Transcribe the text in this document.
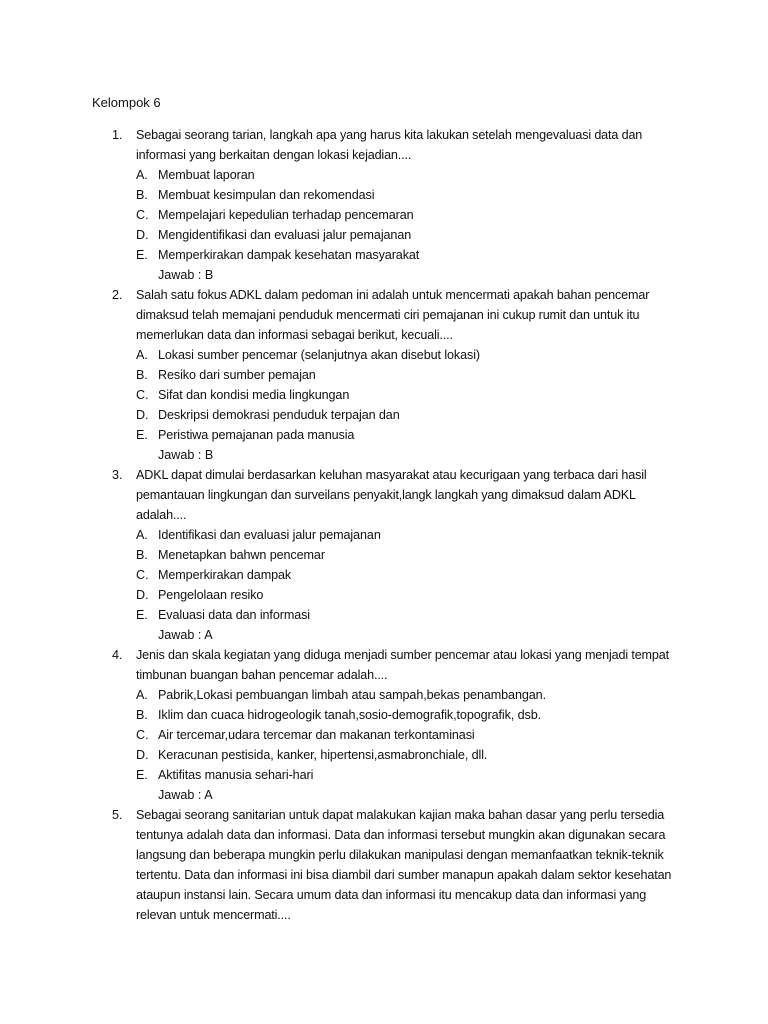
Kelompok 6
1.	Sebagai seorang tarian, langkah apa yang harus kita lakukan setelah mengevaluasi data dan informasi yang berkaitan dengan lokasi kejadian....
A. Membuat laporan
B. Membuat kesimpulan dan rekomendasi
C. Mempelajari kepedulian terhadap pencemaran
D. Mengidentifikasi dan evaluasi jalur pemajanan
E. Memperkirakan dampak kesehatan masyarakat
Jawab : B
2.	Salah satu fokus ADKL dalam pedoman ini adalah untuk mencermati apakah bahan pencemar dimaksud telah memajani penduduk mencermati ciri pemajanan ini cukup rumit dan untuk itu memerlukan data dan informasi sebagai berikut, kecuali....
A. Lokasi sumber pencemar (selanjutnya akan disebut lokasi)
B. Resiko dari sumber pemajan
C. Sifat dan kondisi media lingkungan
D. Deskripsi demokrasi penduduk terpajan dan
E. Peristiwa pemajanan pada manusia
Jawab : B
3.	ADKL dapat dimulai berdasarkan keluhan masyarakat atau kecurigaan yang terbaca dari hasil pemantauan lingkungan dan surveilans penyakit,langk langkah yang dimaksud dalam ADKL adalah....
A. Identifikasi dan evaluasi jalur pemajanan
B. Menetapkan bahwn pencemar
C. Memperkirakan dampak
D. Pengelolaan resiko
E. Evaluasi data dan informasi
Jawab : A
4.	Jenis dan skala kegiatan yang diduga menjadi sumber pencemar atau lokasi yang menjadi tempat timbunan buangan bahan pencemar adalah....
A. Pabrik,Lokasi pembuangan limbah atau sampah,bekas penambangan.
B. Iklim dan cuaca hidrogeologik tanah,sosio-demografik,topografik, dsb.
C. Air tercemar,udara tercemar dan makanan terkontaminasi
D. Keracunan pestisida, kanker, hipertensi,asmabronchiale, dll.
E. Aktifitas manusia sehari-hari
Jawab : A
5.	Sebagai seorang sanitarian untuk dapat malakukan kajian maka bahan dasar yang perlu tersedia tentunya adalah data dan informasi. Data dan informasi tersebut mungkin akan digunakan secara langsung dan beberapa mungkin perlu dilakukan manipulasi dengan memanfaatkan teknik-teknik tertentu. Data dan informasi ini bisa diambil dari sumber manapun apakah dalam sektor kesehatan ataupun instansi lain. Secara umum data dan informasi itu mencakup data dan informasi yang relevan untuk mencermati....
